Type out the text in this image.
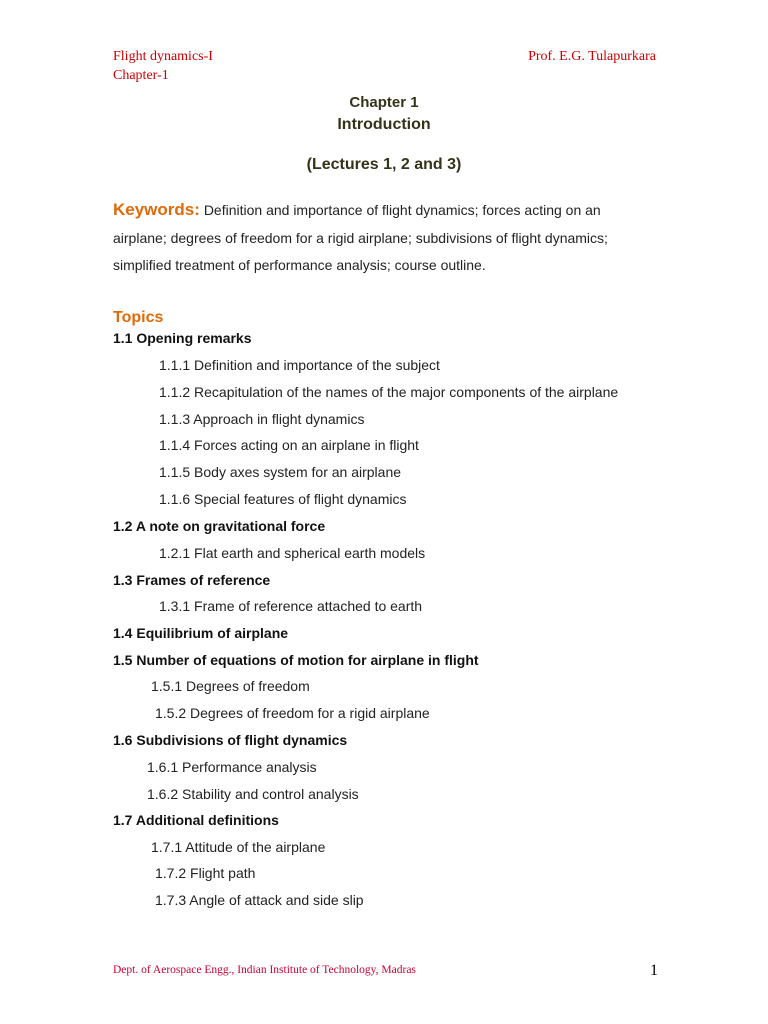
Flight dynamics-I
Chapter-1
Prof. E.G. Tulapurkara
Chapter 1
Introduction
(Lectures 1, 2 and 3)
Keywords: Definition and importance of flight dynamics; forces acting on an airplane; degrees of freedom for a rigid airplane; subdivisions of flight dynamics; simplified treatment of performance analysis; course outline.
Topics
1.1 Opening remarks
1.1.1 Definition and importance of the subject
1.1.2 Recapitulation of the names of the major components of the airplane
1.1.3 Approach in flight dynamics
1.1.4 Forces acting on an airplane in flight
1.1.5 Body axes system for an airplane
1.1.6 Special features of flight dynamics
1.2 A note on gravitational force
1.2.1 Flat earth and spherical earth models
1.3 Frames of reference
1.3.1 Frame of reference attached to earth
1.4 Equilibrium of airplane
1.5 Number of equations of motion for airplane in flight
1.5.1 Degrees of freedom
1.5.2 Degrees of freedom for a rigid airplane
1.6 Subdivisions of flight dynamics
1.6.1 Performance analysis
1.6.2 Stability and control analysis
1.7 Additional definitions
1.7.1 Attitude of the airplane
1.7.2 Flight path
1.7.3 Angle of attack and side slip
Dept. of Aerospace Engg., Indian Institute of Technology, Madras	1
